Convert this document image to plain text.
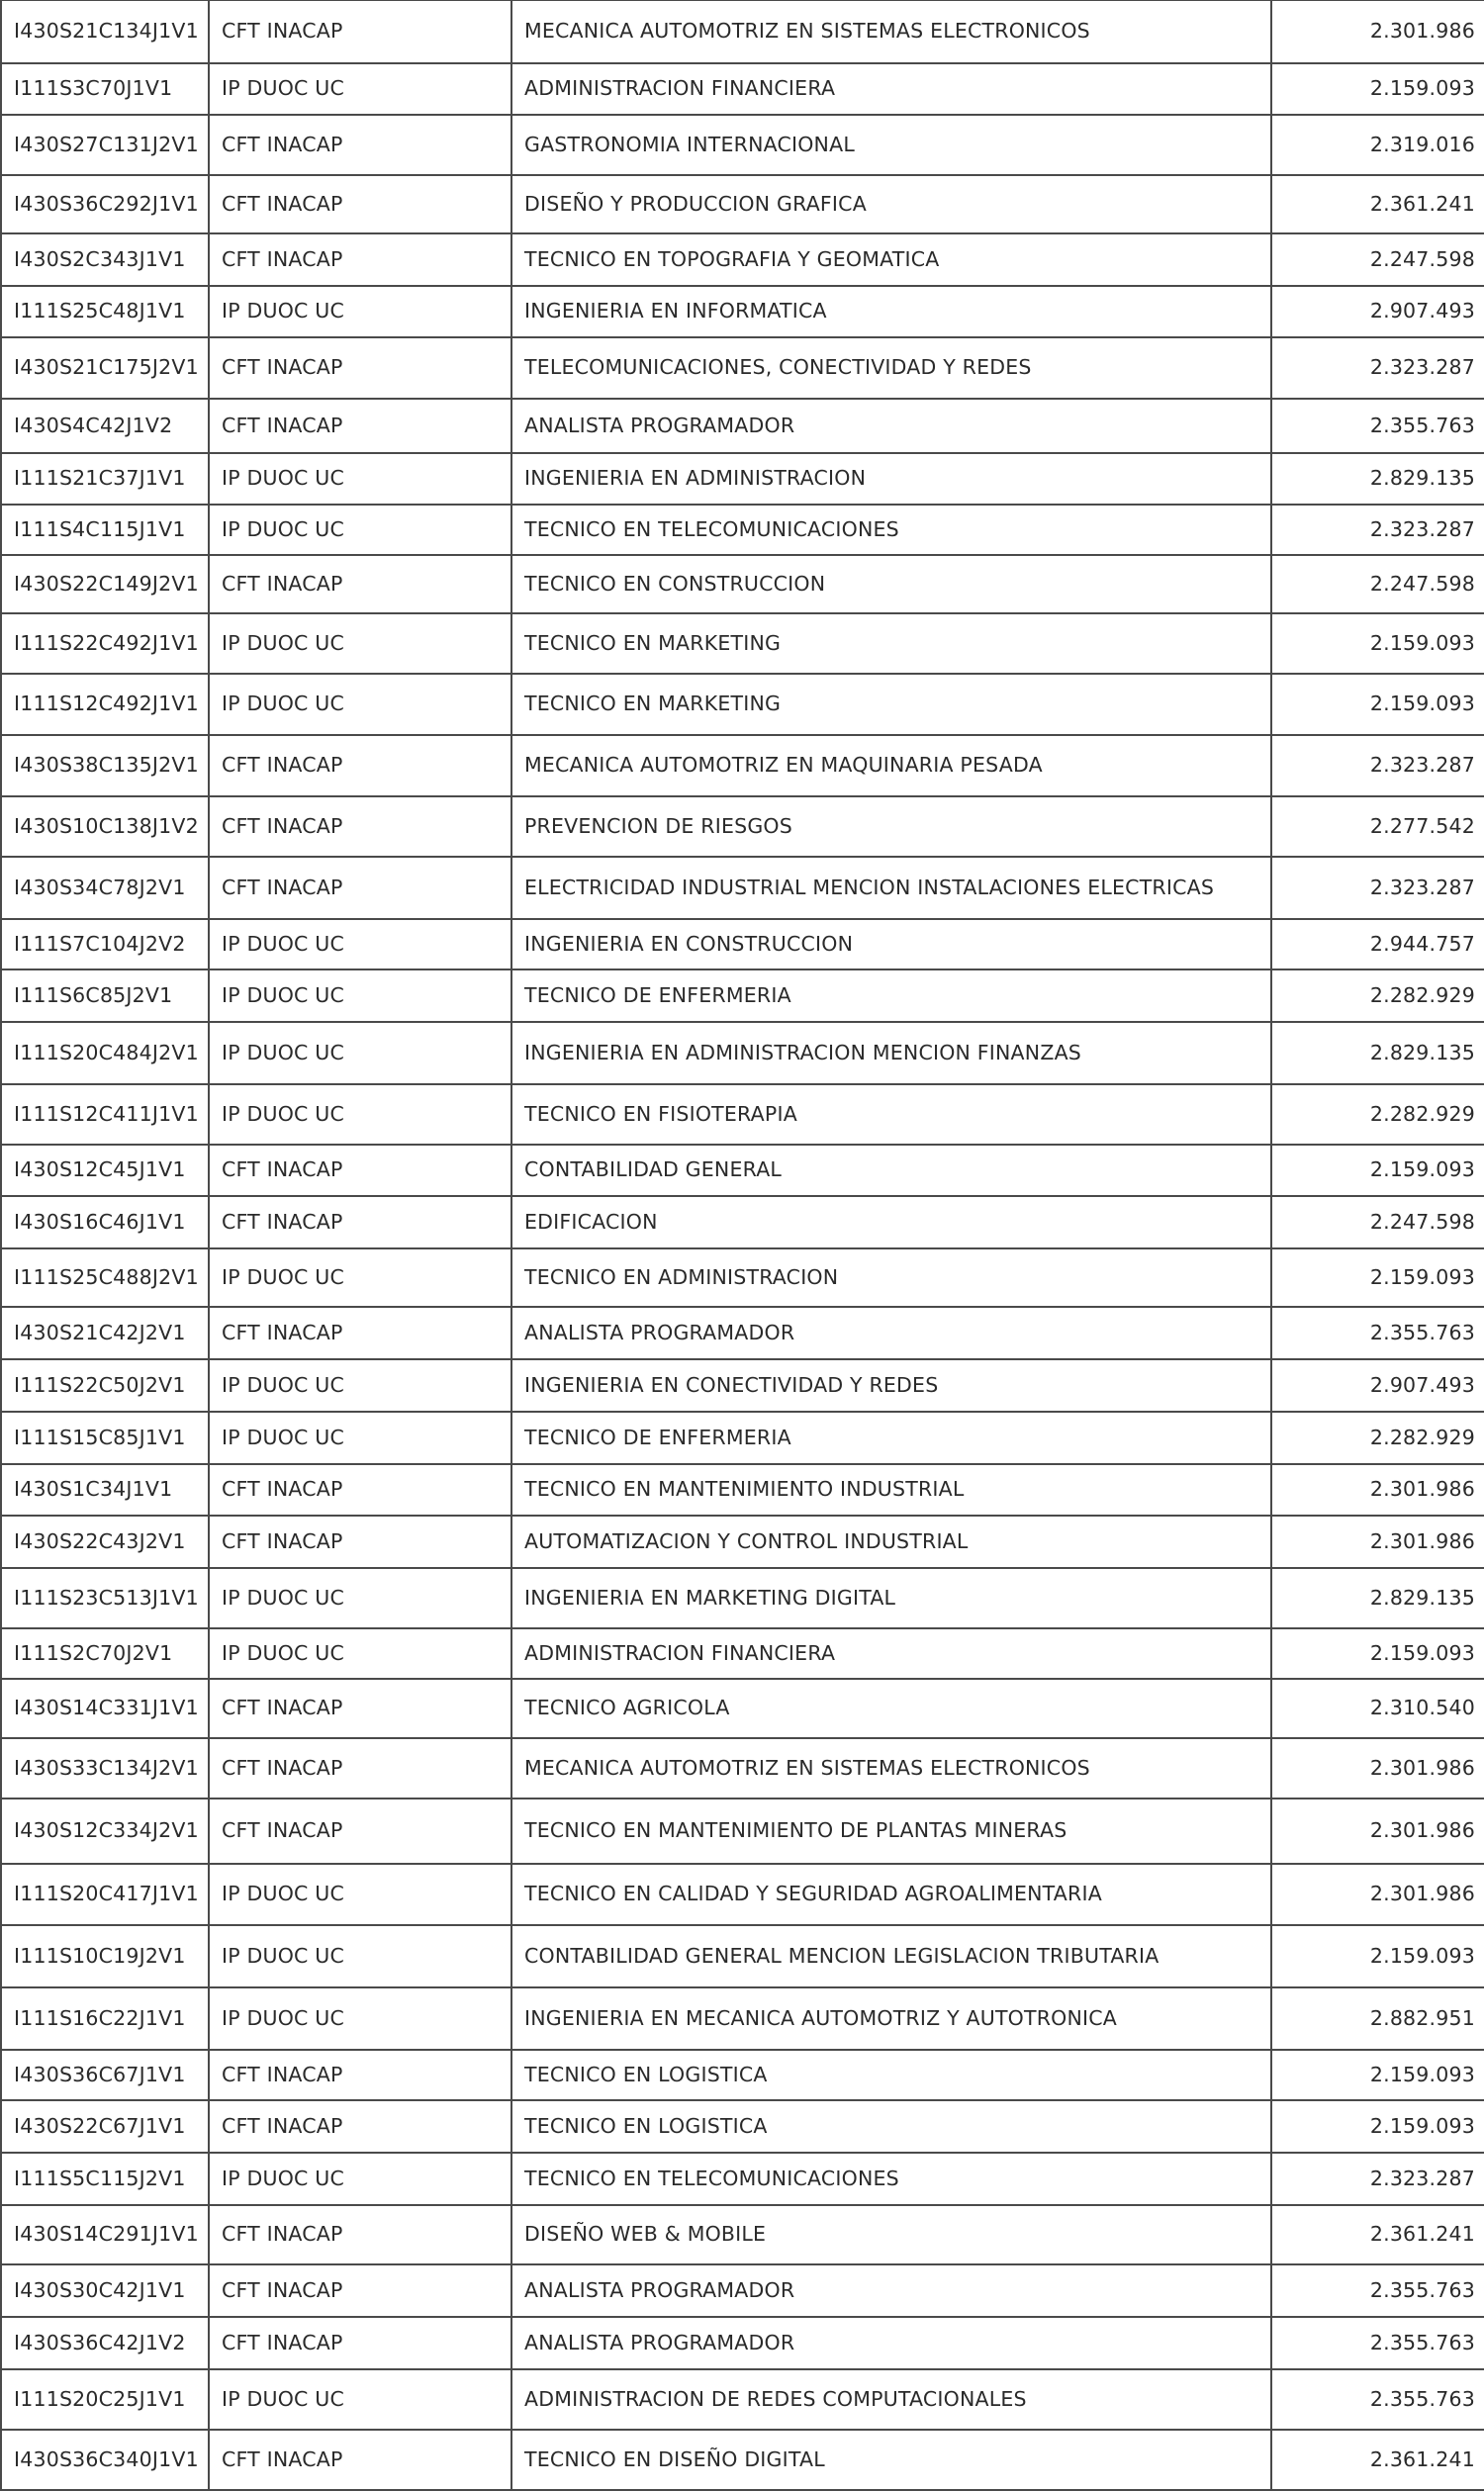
I430S21C134J1V1	CFT INACAP	MECANICA AUTOMOTRIZ EN SISTEMAS ELECTRONICOS	2.301.986
I111S3C70J1V1	IP DUOC UC	ADMINISTRACION FINANCIERA	2.159.093
I430S27C131J2V1	CFT INACAP	GASTRONOMIA INTERNACIONAL	2.319.016
I430S36C292J1V1	CFT INACAP	DISEÑO Y PRODUCCION GRAFICA	2.361.241
I430S2C343J1V1	CFT INACAP	TECNICO EN TOPOGRAFIA Y GEOMATICA	2.247.598
I111S25C48J1V1	IP DUOC UC	INGENIERIA EN INFORMATICA	2.907.493
I430S21C175J2V1	CFT INACAP	TELECOMUNICACIONES, CONECTIVIDAD Y REDES	2.323.287
I430S4C42J1V2	CFT INACAP	ANALISTA PROGRAMADOR	2.355.763
I111S21C37J1V1	IP DUOC UC	INGENIERIA EN ADMINISTRACION	2.829.135
I111S4C115J1V1	IP DUOC UC	TECNICO EN TELECOMUNICACIONES	2.323.287
I430S22C149J2V1	CFT INACAP	TECNICO EN CONSTRUCCION	2.247.598
I111S22C492J1V1	IP DUOC UC	TECNICO EN MARKETING	2.159.093
I111S12C492J1V1	IP DUOC UC	TECNICO EN MARKETING	2.159.093
I430S38C135J2V1	CFT INACAP	MECANICA AUTOMOTRIZ EN MAQUINARIA PESADA	2.323.287
I430S10C138J1V2	CFT INACAP	PREVENCION DE RIESGOS	2.277.542
I430S34C78J2V1	CFT INACAP	ELECTRICIDAD INDUSTRIAL MENCION INSTALACIONES ELECTRICAS	2.323.287
I111S7C104J2V2	IP DUOC UC	INGENIERIA EN CONSTRUCCION	2.944.757
I111S6C85J2V1	IP DUOC UC	TECNICO DE ENFERMERIA	2.282.929
I111S20C484J2V1	IP DUOC UC	INGENIERIA EN ADMINISTRACION MENCION FINANZAS	2.829.135
I111S12C411J1V1	IP DUOC UC	TECNICO EN FISIOTERAPIA	2.282.929
I430S12C45J1V1	CFT INACAP	CONTABILIDAD GENERAL	2.159.093
I430S16C46J1V1	CFT INACAP	EDIFICACION	2.247.598
I111S25C488J2V1	IP DUOC UC	TECNICO EN ADMINISTRACION	2.159.093
I430S21C42J2V1	CFT INACAP	ANALISTA PROGRAMADOR	2.355.763
I111S22C50J2V1	IP DUOC UC	INGENIERIA EN CONECTIVIDAD Y REDES	2.907.493
I111S15C85J1V1	IP DUOC UC	TECNICO DE ENFERMERIA	2.282.929
I430S1C34J1V1	CFT INACAP	TECNICO EN MANTENIMIENTO INDUSTRIAL	2.301.986
I430S22C43J2V1	CFT INACAP	AUTOMATIZACION Y CONTROL INDUSTRIAL	2.301.986
I111S23C513J1V1	IP DUOC UC	INGENIERIA EN MARKETING DIGITAL	2.829.135
I111S2C70J2V1	IP DUOC UC	ADMINISTRACION FINANCIERA	2.159.093
I430S14C331J1V1	CFT INACAP	TECNICO AGRICOLA	2.310.540
I430S33C134J2V1	CFT INACAP	MECANICA AUTOMOTRIZ EN SISTEMAS ELECTRONICOS	2.301.986
I430S12C334J2V1	CFT INACAP	TECNICO EN MANTENIMIENTO DE PLANTAS MINERAS	2.301.986
I111S20C417J1V1	IP DUOC UC	TECNICO EN CALIDAD Y SEGURIDAD AGROALIMENTARIA	2.301.986
I111S10C19J2V1	IP DUOC UC	CONTABILIDAD GENERAL MENCION LEGISLACION TRIBUTARIA	2.159.093
I111S16C22J1V1	IP DUOC UC	INGENIERIA EN MECANICA AUTOMOTRIZ Y AUTOTRONICA	2.882.951
I430S36C67J1V1	CFT INACAP	TECNICO EN LOGISTICA	2.159.093
I430S22C67J1V1	CFT INACAP	TECNICO EN LOGISTICA	2.159.093
I111S5C115J2V1	IP DUOC UC	TECNICO EN TELECOMUNICACIONES	2.323.287
I430S14C291J1V1	CFT INACAP	DISEÑO WEB & MOBILE	2.361.241
I430S30C42J1V1	CFT INACAP	ANALISTA PROGRAMADOR	2.355.763
I430S36C42J1V2	CFT INACAP	ANALISTA PROGRAMADOR	2.355.763
I111S20C25J1V1	IP DUOC UC	ADMINISTRACION DE REDES COMPUTACIONALES	2.355.763
I430S36C340J1V1	CFT INACAP	TECNICO EN DISEÑO DIGITAL	2.361.241
